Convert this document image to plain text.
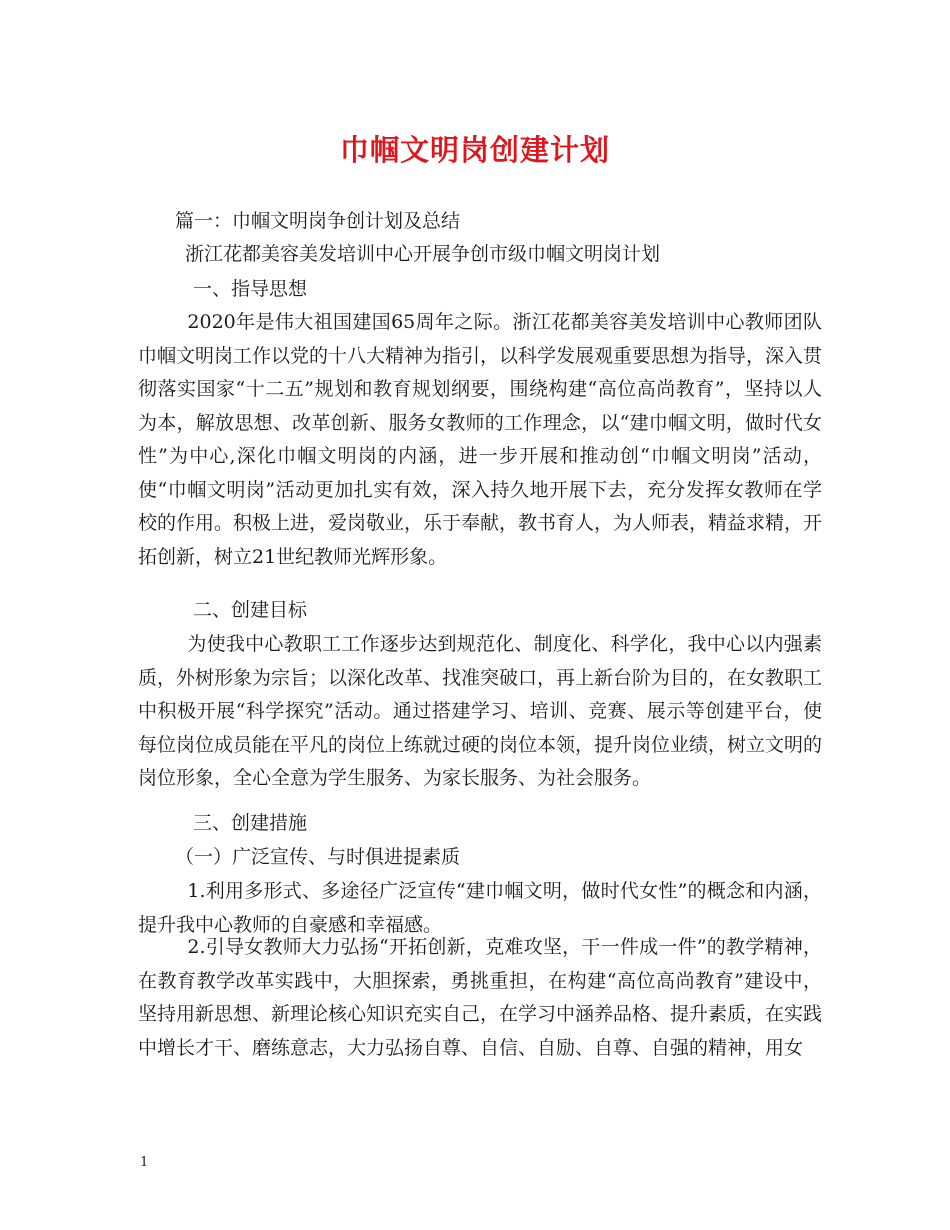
巾帼文明岗创建计划
篇一：巾帼文明岗争创计划及总结
浙江花都美容美发培训中心开展争创市级巾帼文明岗计划
一、指导思想
2020年是伟大祖国建国65周年之际。浙江花都美容美发培训中心教师团队巾帼文明岗工作以党的十八大精神为指引，以科学发展观重要思想为指导，深入贯彻落实国家“十二五”规划和教育规划纲要，围绕构建“高位高尚教育”，坚持以人为本，解放思想、改革创新、服务女教师的工作理念，以“建巾帼文明，做时代女性”为中心,深化巾帼文明岗的内涵，进一步开展和推动创“巾帼文明岗”活动，使“巾帼文明岗”活动更加扎实有效，深入持久地开展下去，充分发挥女教师在学校的作用。积极上进，爱岗敬业，乐于奉献，教书育人，为人师表，精益求精，开拓创新，树立21世纪教师光辉形象。
二、创建目标
为使我中心教职工工作逐步达到规范化、制度化、科学化，我中心以内强素质，外树形象为宗旨；以深化改革、找准突破口，再上新台阶为目的，在女教职工中积极开展“科学探究”活动。通过搭建学习、培训、竞赛、展示等创建平台，使每位岗位成员能在平凡的岗位上练就过硬的岗位本领，提升岗位业绩，树立文明的岗位形象，全心全意为学生服务、为家长服务、为社会服务。
三、创建措施
（一）广泛宣传、与时俱进提素质
1.利用多形式、多途径广泛宣传“建巾帼文明，做时代女性”的概念和内涵，提升我中心教师的自豪感和幸福感。
2.引导女教师大力弘扬“开拓创新，克难攻坚，干一件成一件”的教学精神，在教育教学改革实践中，大胆探索，勇挑重担，在构建“高位高尚教育”建设中，坚持用新思想、新理论核心知识充实自己，在学习中涵养品格、提升素质，在实践中增长才干、磨练意志，大力弘扬自尊、自信、自励、自尊、自强的精神，用女
1
